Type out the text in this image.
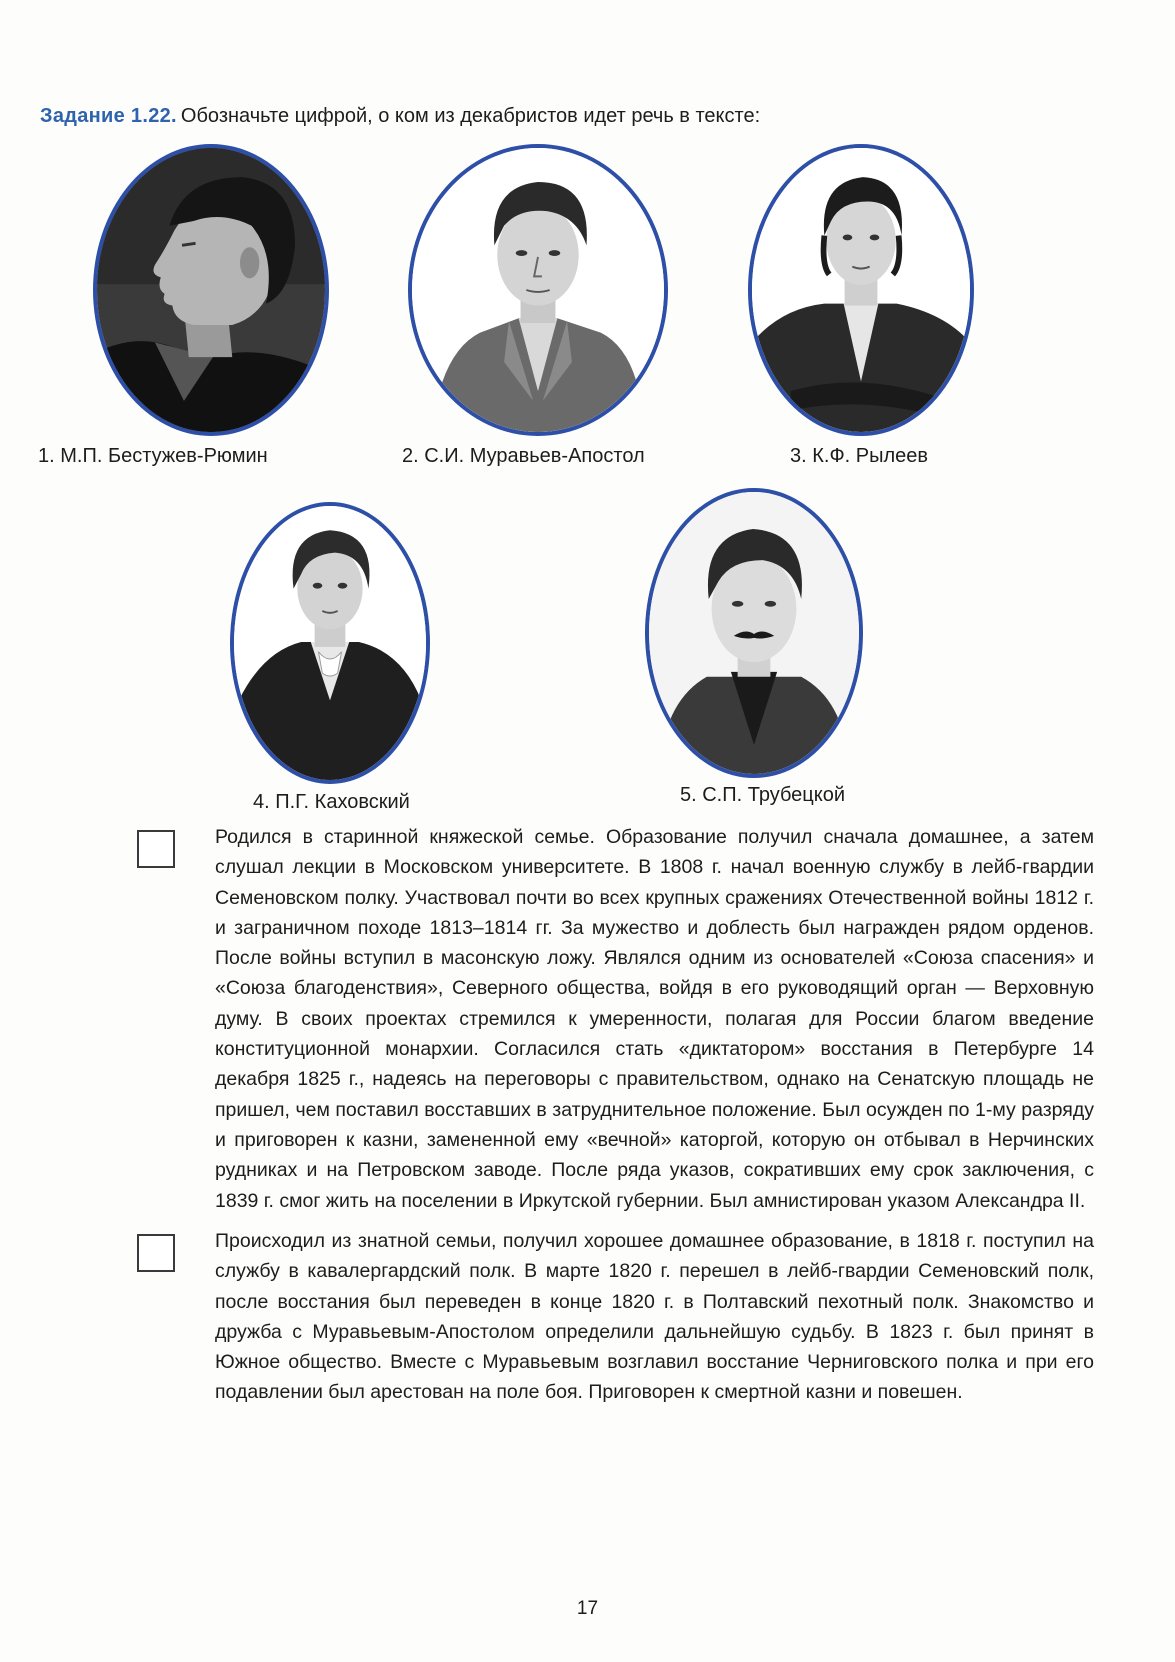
Задание 1.22. Обозначьте цифрой, о ком из декабристов идет речь в тексте:
1. М.П. Бестужев-Рюмин	2. С.И. Муравьев-Апостол	3. К.Ф. Рылеев
4. П.Г. Каховский	5. С.П. Трубецкой
Родился в старинной княжеской семье. Образование получил сначала домашнее, а затем слушал лекции в Московском университете. В 1808 г. начал военную службу в лейб-гвардии Семеновском полку. Участвовал почти во всех крупных сражениях Отечественной войны 1812 г. и заграничном походе 1813–1814 гг. За мужество и доблесть был награжден рядом орденов. После войны вступил в масонскую ложу. Являлся одним из основателей «Союза спасения» и «Союза благоденствия», Северного общества, войдя в его руководящий орган — Верховную думу. В своих проектах стремился к умеренности, полагая для России благом введение конституционной монархии. Согласился стать «диктатором» восстания в Петербурге 14 декабря 1825 г., надеясь на переговоры с правительством, однако на Сенатскую площадь не пришел, чем поставил восставших в затруднительное положение. Был осужден по 1-му разряду и приговорен к казни, замененной ему «вечной» каторгой, которую он отбывал в Нерчинских рудниках и на Петровском заводе. После ряда указов, сокративших ему срок заключения, с 1839 г. смог жить на поселении в Иркутской губернии. Был амнистирован указом Александра II.
Происходил из знатной семьи, получил хорошее домашнее образование, в 1818 г. поступил на службу в кавалергардский полк. В марте 1820 г. перешел в лейб-гвардии Семеновский полк, после восстания был переведен в конце 1820 г. в Полтавский пехотный полк. Знакомство и дружба с Муравьевым-Апостолом определили дальнейшую судьбу. В 1823 г. был принят в Южное общество. Вместе с Муравьевым возглавил восстание Черниговского полка и при его подавлении был арестован на поле боя. Приговорен к смертной казни и повешен.
17
